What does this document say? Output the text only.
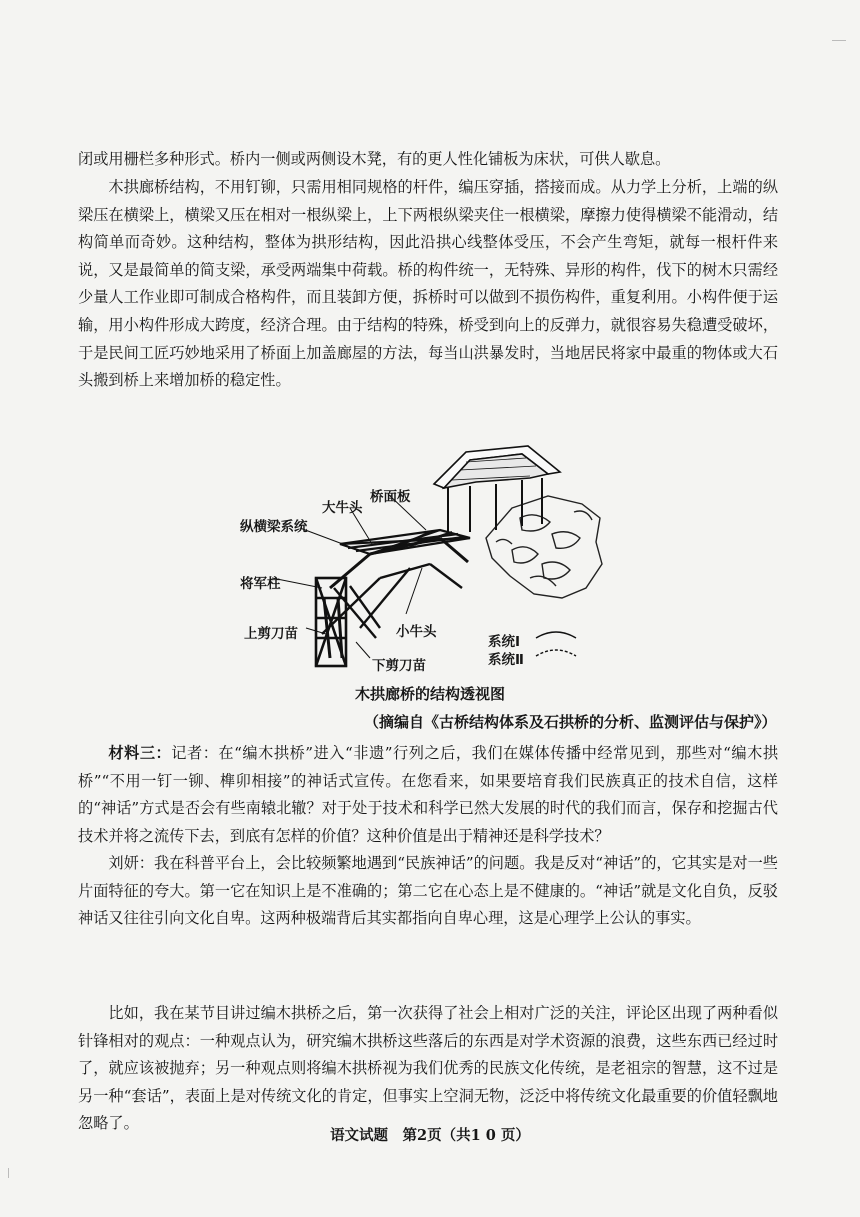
闭或用栅栏多种形式。桥内一侧或两侧设木凳，有的更人性化铺板为床状，可供人歇息。

木拱廊桥结构，不用钉铆，只需用相同规格的杆件，编压穿插，搭接而成。从力学上分析，上端的纵梁压在横梁上，横梁又压在相对一根纵梁上，上下两根纵梁夹住一根横梁，摩擦力使得横梁不能滑动，结构简单而奇妙。这种结构，整体为拱形结构，因此沿拱心线整体受压，不会产生弯矩，就每一根杆件来说，又是最简单的简支梁，承受两端集中荷载。桥的构件统一，无特殊、异形的构件，伐下的树木只需经少量人工作业即可制成合格构件，而且装卸方便，拆桥时可以做到不损伤构件，重复利用。小构件便于运输，用小构件形成大跨度，经济合理。由于结构的特殊，桥受到向上的反弹力，就很容易失稳遭受破坏，于是民间工匠巧妙地采用了桥面上加盖廊屋的方法，每当山洪暴发时，当地居民将家中最重的物体或大石头搬到桥上来增加桥的稳定性。

桥面板
大牛头
纵横梁系统
将军柱
上剪刀苗	小牛头
下剪刀苗
系统Ⅰ
系统Ⅱ
木拱廊桥的结构透视图
（摘编自《古桥结构体系及石拱桥的分析、监测评估与保护》）

材料三：记者：在“编木拱桥”进入“非遗”行列之后，我们在媒体传播中经常见到，那些对“编木拱桥”“不用一钉一铆、榫卯相接”的神话式宣传。在您看来，如果要培育我们民族真正的技术自信，这样的“神话”方式是否会有些南辕北辙？对于处于技术和科学已然大发展的时代的我们而言，保存和挖掘古代技术并将之流传下去，到底有怎样的价值？这种价值是出于精神还是科学技术？

刘妍：我在科普平台上，会比较频繁地遇到“民族神话”的问题。我是反对“神话”的，它其实是对一些片面特征的夸大。第一它在知识上是不准确的；第二它在心态上是不健康的。“神话”就是文化自负，反驳神话又往往引向文化自卑。这两种极端背后其实都指向自卑心理，这是心理学上公认的事实。

比如，我在某节目讲过编木拱桥之后，第一次获得了社会上相对广泛的关注，评论区出现了两种看似针锋相对的观点：一种观点认为，研究编木拱桥这些落后的东西是对学术资源的浪费，这些东西已经过时了，就应该被抛弃；另一种观点则将编木拱桥视为我们优秀的民族文化传统，是老祖宗的智慧，这不过是另一种“套话”，表面上是对传统文化的肯定，但事实上空洞无物，泛泛中将传统文化最重要的价值轻飘地忽略了。

语文试题　第2页（共1 0 页）
